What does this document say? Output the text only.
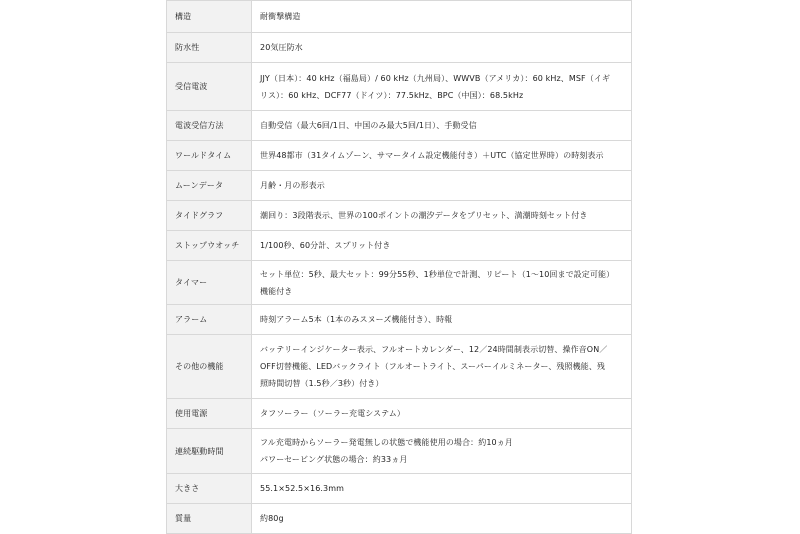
構造	耐衝撃構造

防水性	20気圧防水

受信電波	JJY（日本）：40 kHz（福島局）/ 60 kHz（九州局）、WWVB（アメリカ）：60 kHz、MSF（イギ
リス）：60 kHz、DCF77（ドイツ）：77.5kHz、BPC（中国）：68.5kHz

電波受信方法	自動受信（最大6回/1日、中国のみ最大5回/1日）、手動受信

ワールドタイム	世界48都市（31タイムゾーン、サマータイム設定機能付き）＋UTC（協定世界時）の時刻表示

ムーンデータ	月齢・月の形表示

タイドグラフ	潮回り：3段階表示、世界の100ポイントの潮汐データをプリセット、満潮時刻セット付き

ストップウオッチ	1/100秒、60分計、スプリット付き

タイマー	セット単位：5秒、最大セット：99分55秒、1秒単位で計測、リピート（1〜10回まで設定可能）
機能付き

アラーム	時刻アラーム5本（1本のみスヌーズ機能付き）、時報

その他の機能	バッテリーインジケーター表示、フルオートカレンダー、12／24時間制表示切替、操作音ON／
OFF切替機能、LEDバックライト（フルオートライト、スーパーイルミネーター、残照機能、残
照時間切替（1.5秒／3秒）付き）

使用電源	タフソーラー（ソーラー充電システム）

連続駆動時間	フル充電時からソーラー発電無しの状態で機能使用の場合：約10ヵ月
パワーセービング状態の場合：約33ヵ月

大きさ	55.1×52.5×16.3mm

質量	約80g
